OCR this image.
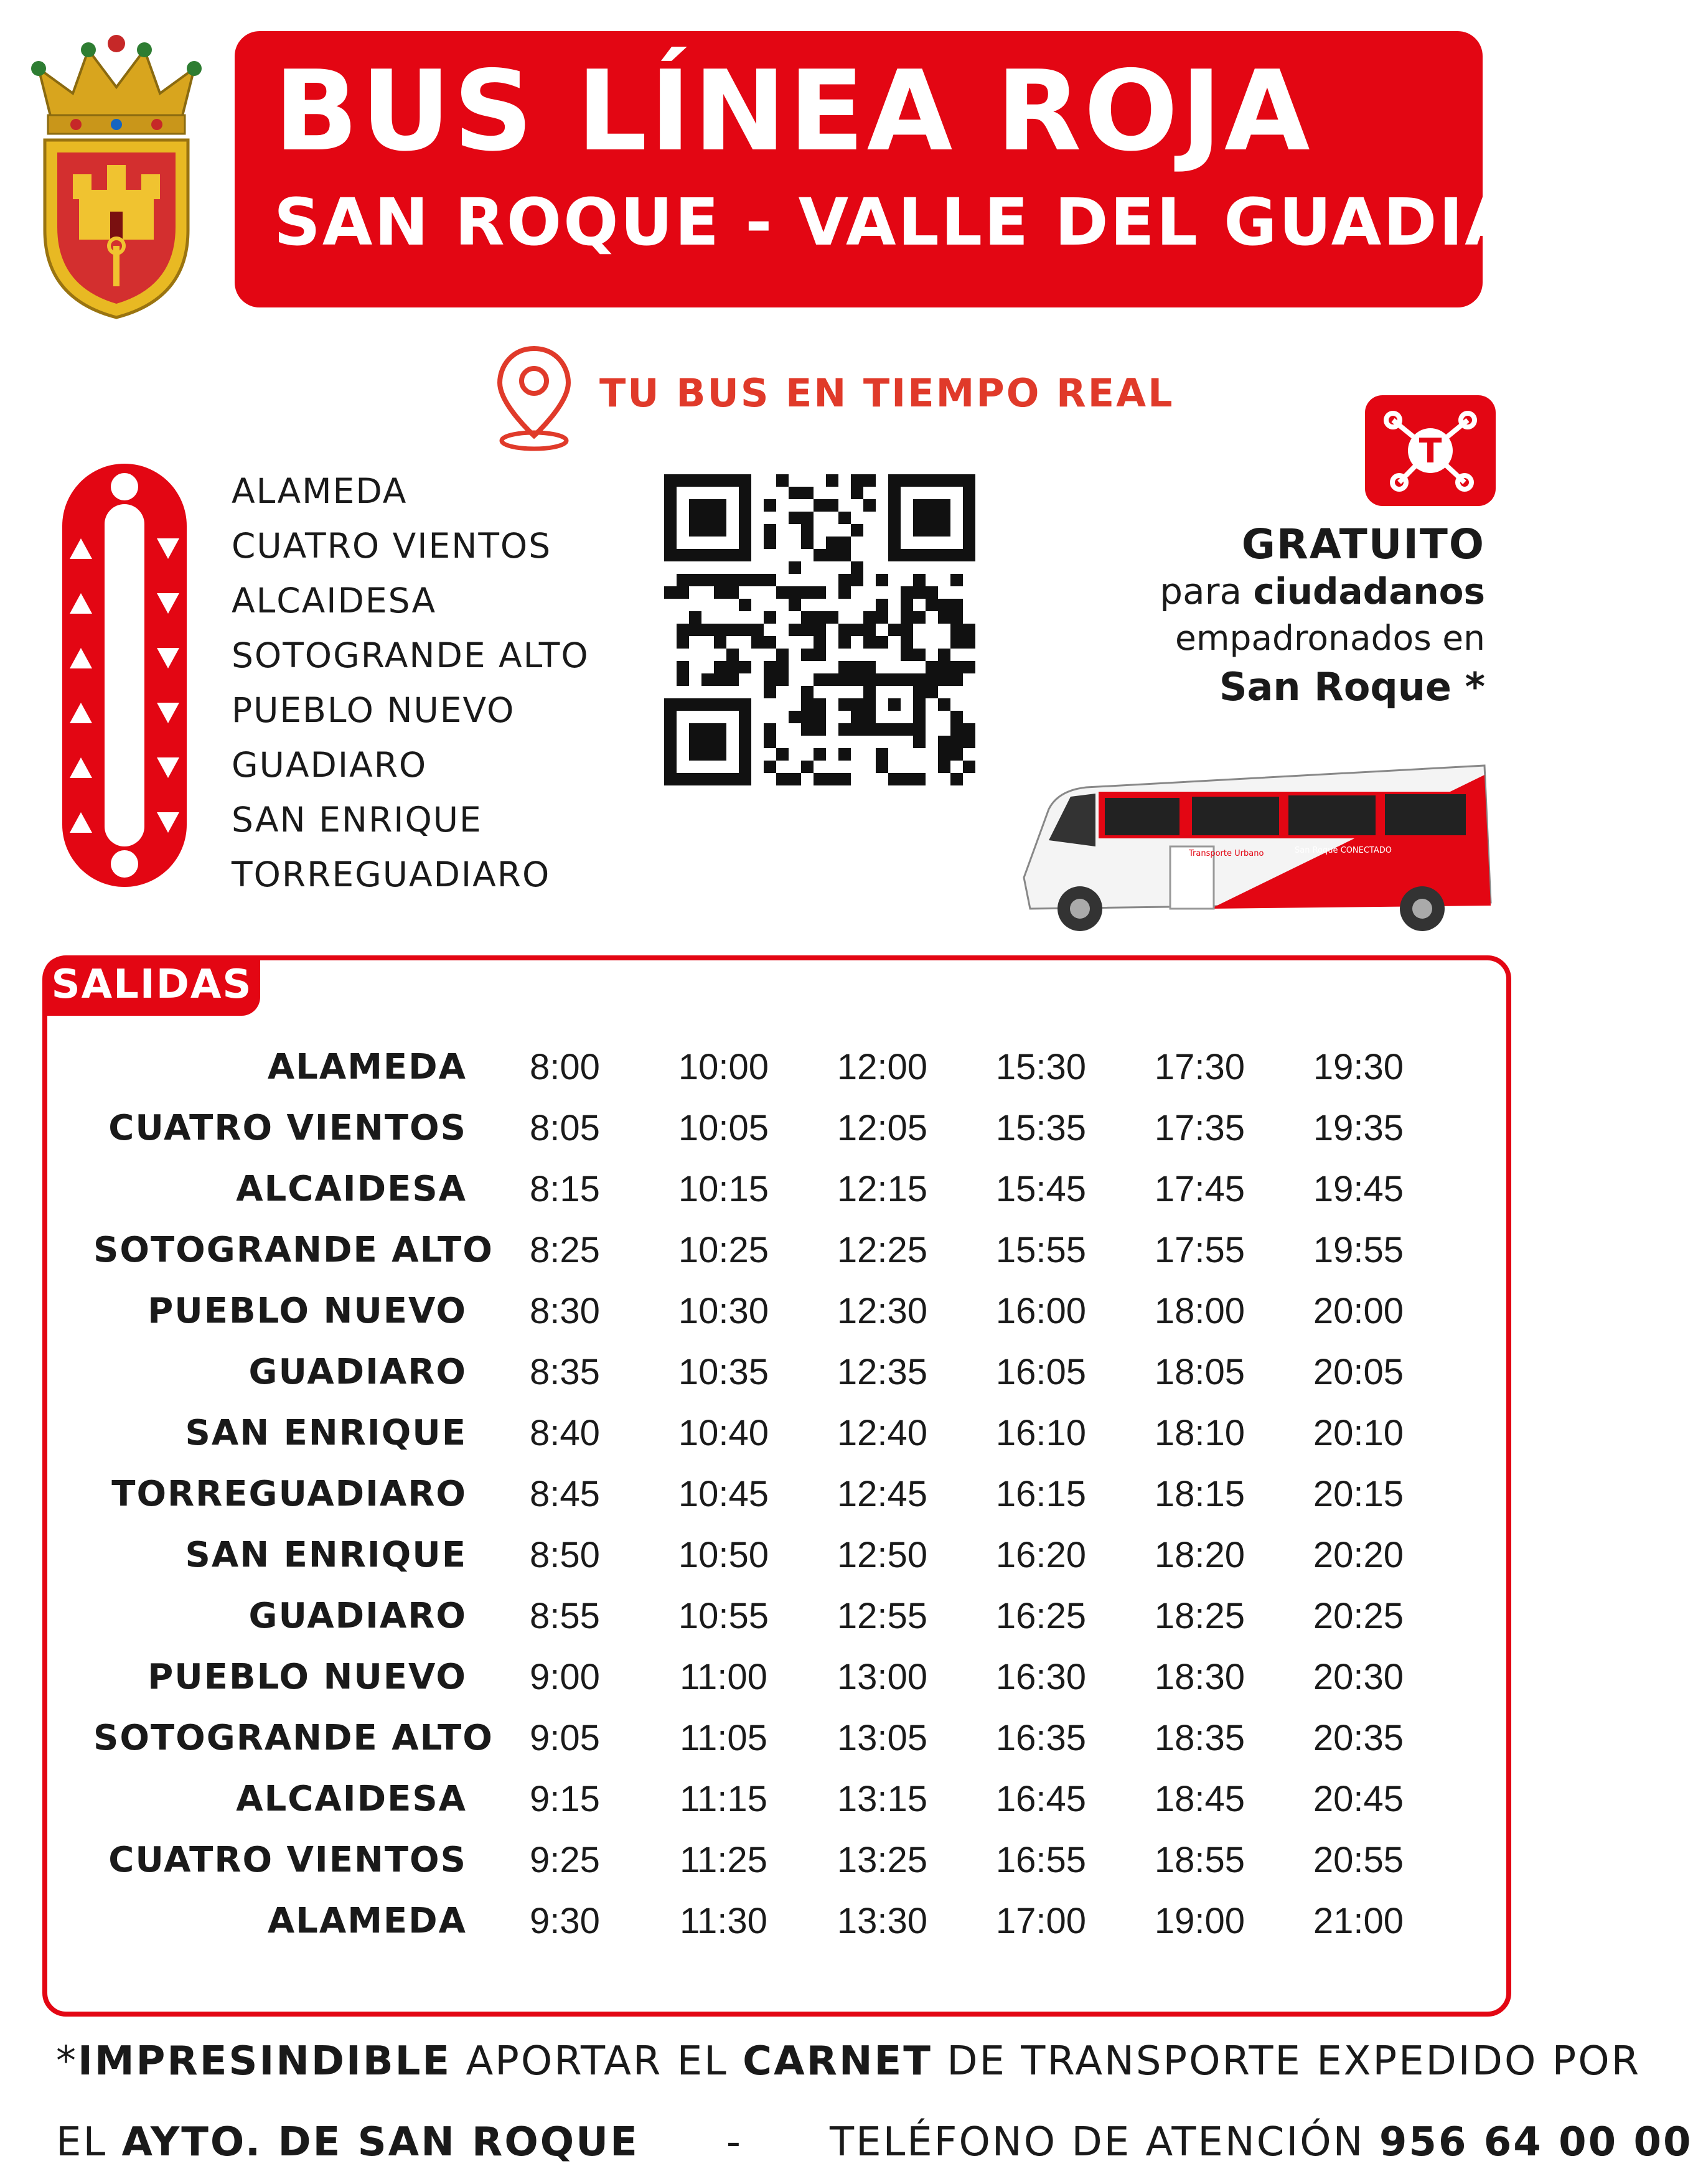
BUS LÍNEA ROJA
SAN ROQUE - VALLE DEL GUADIARO
TU BUS EN TIEMPO REAL
ALAMEDA
CUATRO VIENTOS
ALCAIDESA
SOTOGRANDE ALTO
PUEBLO NUEVO
GUADIARO
SAN ENRIQUE
TORREGUADIARO
T
GRATUITO
para ciudadanos
empadronados en
San Roque *
Transporte Urbano	San Roque CONECTADO
SALIDAS
ALAMEDA	8:00	10:00	12:00	15:30	17:30	19:30
CUATRO VIENTOS	8:05	10:05	12:05	15:35	17:35	19:35
ALCAIDESA	8:15	10:15	12:15	15:45	17:45	19:45
SOTOGRANDE ALTO	8:25	10:25	12:25	15:55	17:55	19:55
PUEBLO NUEVO	8:30	10:30	12:30	16:00	18:00	20:00
GUADIARO	8:35	10:35	12:35	16:05	18:05	20:05
SAN ENRIQUE	8:40	10:40	12:40	16:10	18:10	20:10
TORREGUADIARO	8:45	10:45	12:45	16:15	18:15	20:15
SAN ENRIQUE	8:50	10:50	12:50	16:20	18:20	20:20
GUADIARO	8:55	10:55	12:55	16:25	18:25	20:25
PUEBLO NUEVO	9:00	11:00	13:00	16:30	18:30	20:30
SOTOGRANDE ALTO	9:05	11:05	13:05	16:35	18:35	20:35
ALCAIDESA	9:15	11:15	13:15	16:45	18:45	20:45
CUATRO VIENTOS	9:25	11:25	13:25	16:55	18:55	20:55
ALAMEDA	9:30	11:30	13:30	17:00	19:00	21:00
*IMPRESINDIBLE APORTAR EL CARNET DE TRANSPORTE EXPEDIDO POR
EL AYTO. DE SAN ROQUE      -      TELÉFONO DE ATENCIÓN 956 64 00 00
